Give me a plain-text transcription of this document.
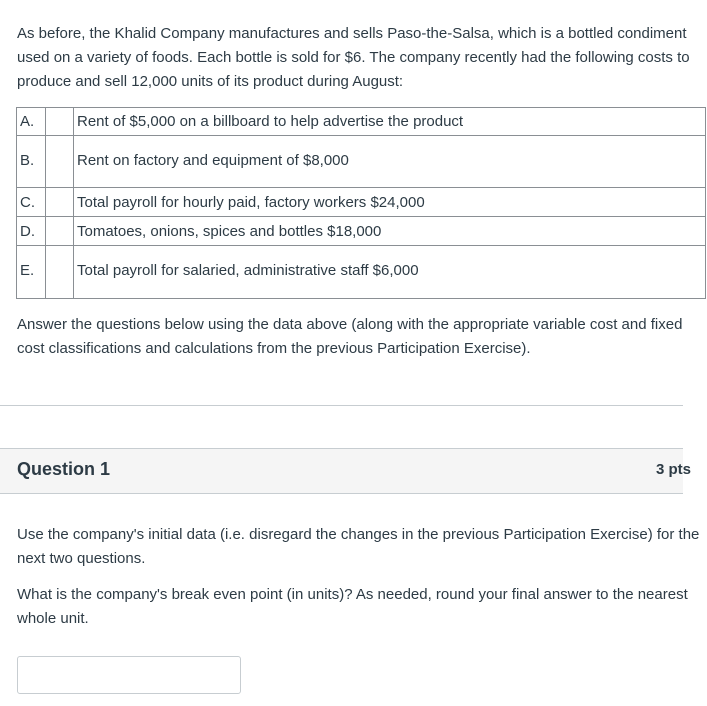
As before, the Khalid Company manufactures and sells Paso-the-Salsa, which is a bottled condiment used on a variety of foods. Each bottle is sold for $6. The company recently had the following costs to produce and sell 12,000 units of its product during August:

A.		Rent of $5,000 on a billboard to help advertise the product
B.		Rent on factory and equipment of $8,000
C.		Total payroll for hourly paid, factory workers $24,000
D.		Tomatoes, onions, spices and bottles $18,000
E.		Total payroll for salaried, administrative staff $6,000

Answer the questions below using the data above (along with the appropriate variable cost and fixed cost classifications and calculations from the previous Participation Exercise).

Question 1	3 pts

Use the company's initial data (i.e. disregard the changes in the previous Participation Exercise) for the next two questions.

What is the company's break even point (in units)? As needed, round your final answer to the nearest whole unit.
